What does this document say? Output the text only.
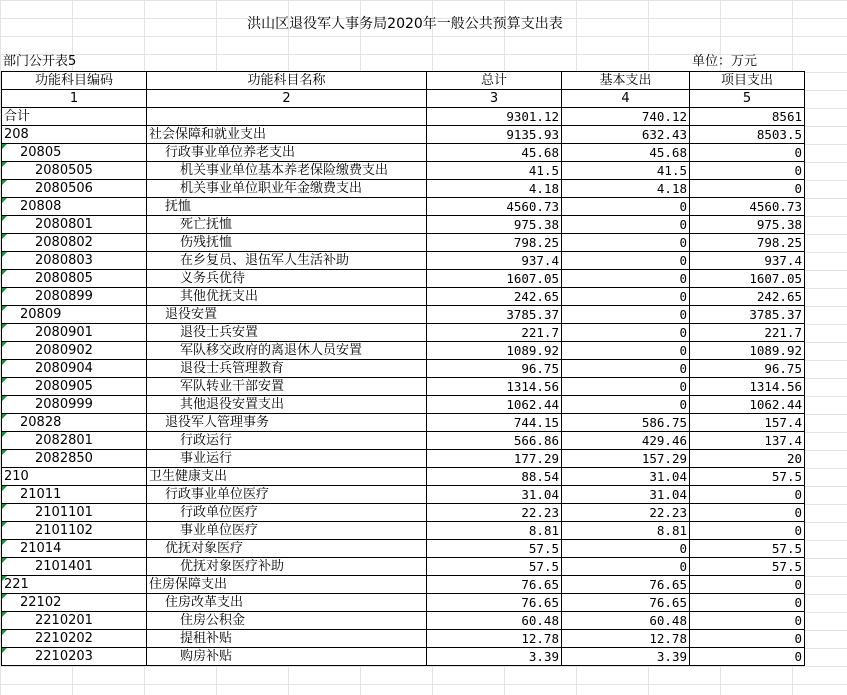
洪山区退役军人事务局2020年一般公共预算支出表
部门公开表5	单位：万元
功能科目编码	功能科目名称	总计	基本支出	项目支出
1	2	3	4	5
合计		9301.12	740.12	8561
208	社会保障和就业支出	9135.93	632.43	8503.5
20805	行政事业单位养老支出	45.68	45.68	0
2080505	机关事业单位基本养老保险缴费支出	41.5	41.5	0
2080506	机关事业单位职业年金缴费支出	4.18	4.18	0
20808	抚恤	4560.73	0	4560.73
2080801	死亡抚恤	975.38	0	975.38
2080802	伤残抚恤	798.25	0	798.25
2080803	在乡复员、退伍军人生活补助	937.4	0	937.4
2080805	义务兵优待	1607.05	0	1607.05
2080899	其他优抚支出	242.65	0	242.65
20809	退役安置	3785.37	0	3785.37
2080901	退役士兵安置	221.7	0	221.7
2080902	军队移交政府的离退休人员安置	1089.92	0	1089.92
2080904	退役士兵管理教育	96.75	0	96.75
2080905	军队转业干部安置	1314.56	0	1314.56
2080999	其他退役安置支出	1062.44	0	1062.44
20828	退役军人管理事务	744.15	586.75	157.4
2082801	行政运行	566.86	429.46	137.4
2082850	事业运行	177.29	157.29	20
210	卫生健康支出	88.54	31.04	57.5
21011	行政事业单位医疗	31.04	31.04	0
2101101	行政单位医疗	22.23	22.23	0
2101102	事业单位医疗	8.81	8.81	0
21014	优抚对象医疗	57.5	0	57.5
2101401	优抚对象医疗补助	57.5	0	57.5
221	住房保障支出	76.65	76.65	0
22102	住房改革支出	76.65	76.65	0
2210201	住房公积金	60.48	60.48	0
2210202	提租补贴	12.78	12.78	0
2210203	购房补贴	3.39	3.39	0
